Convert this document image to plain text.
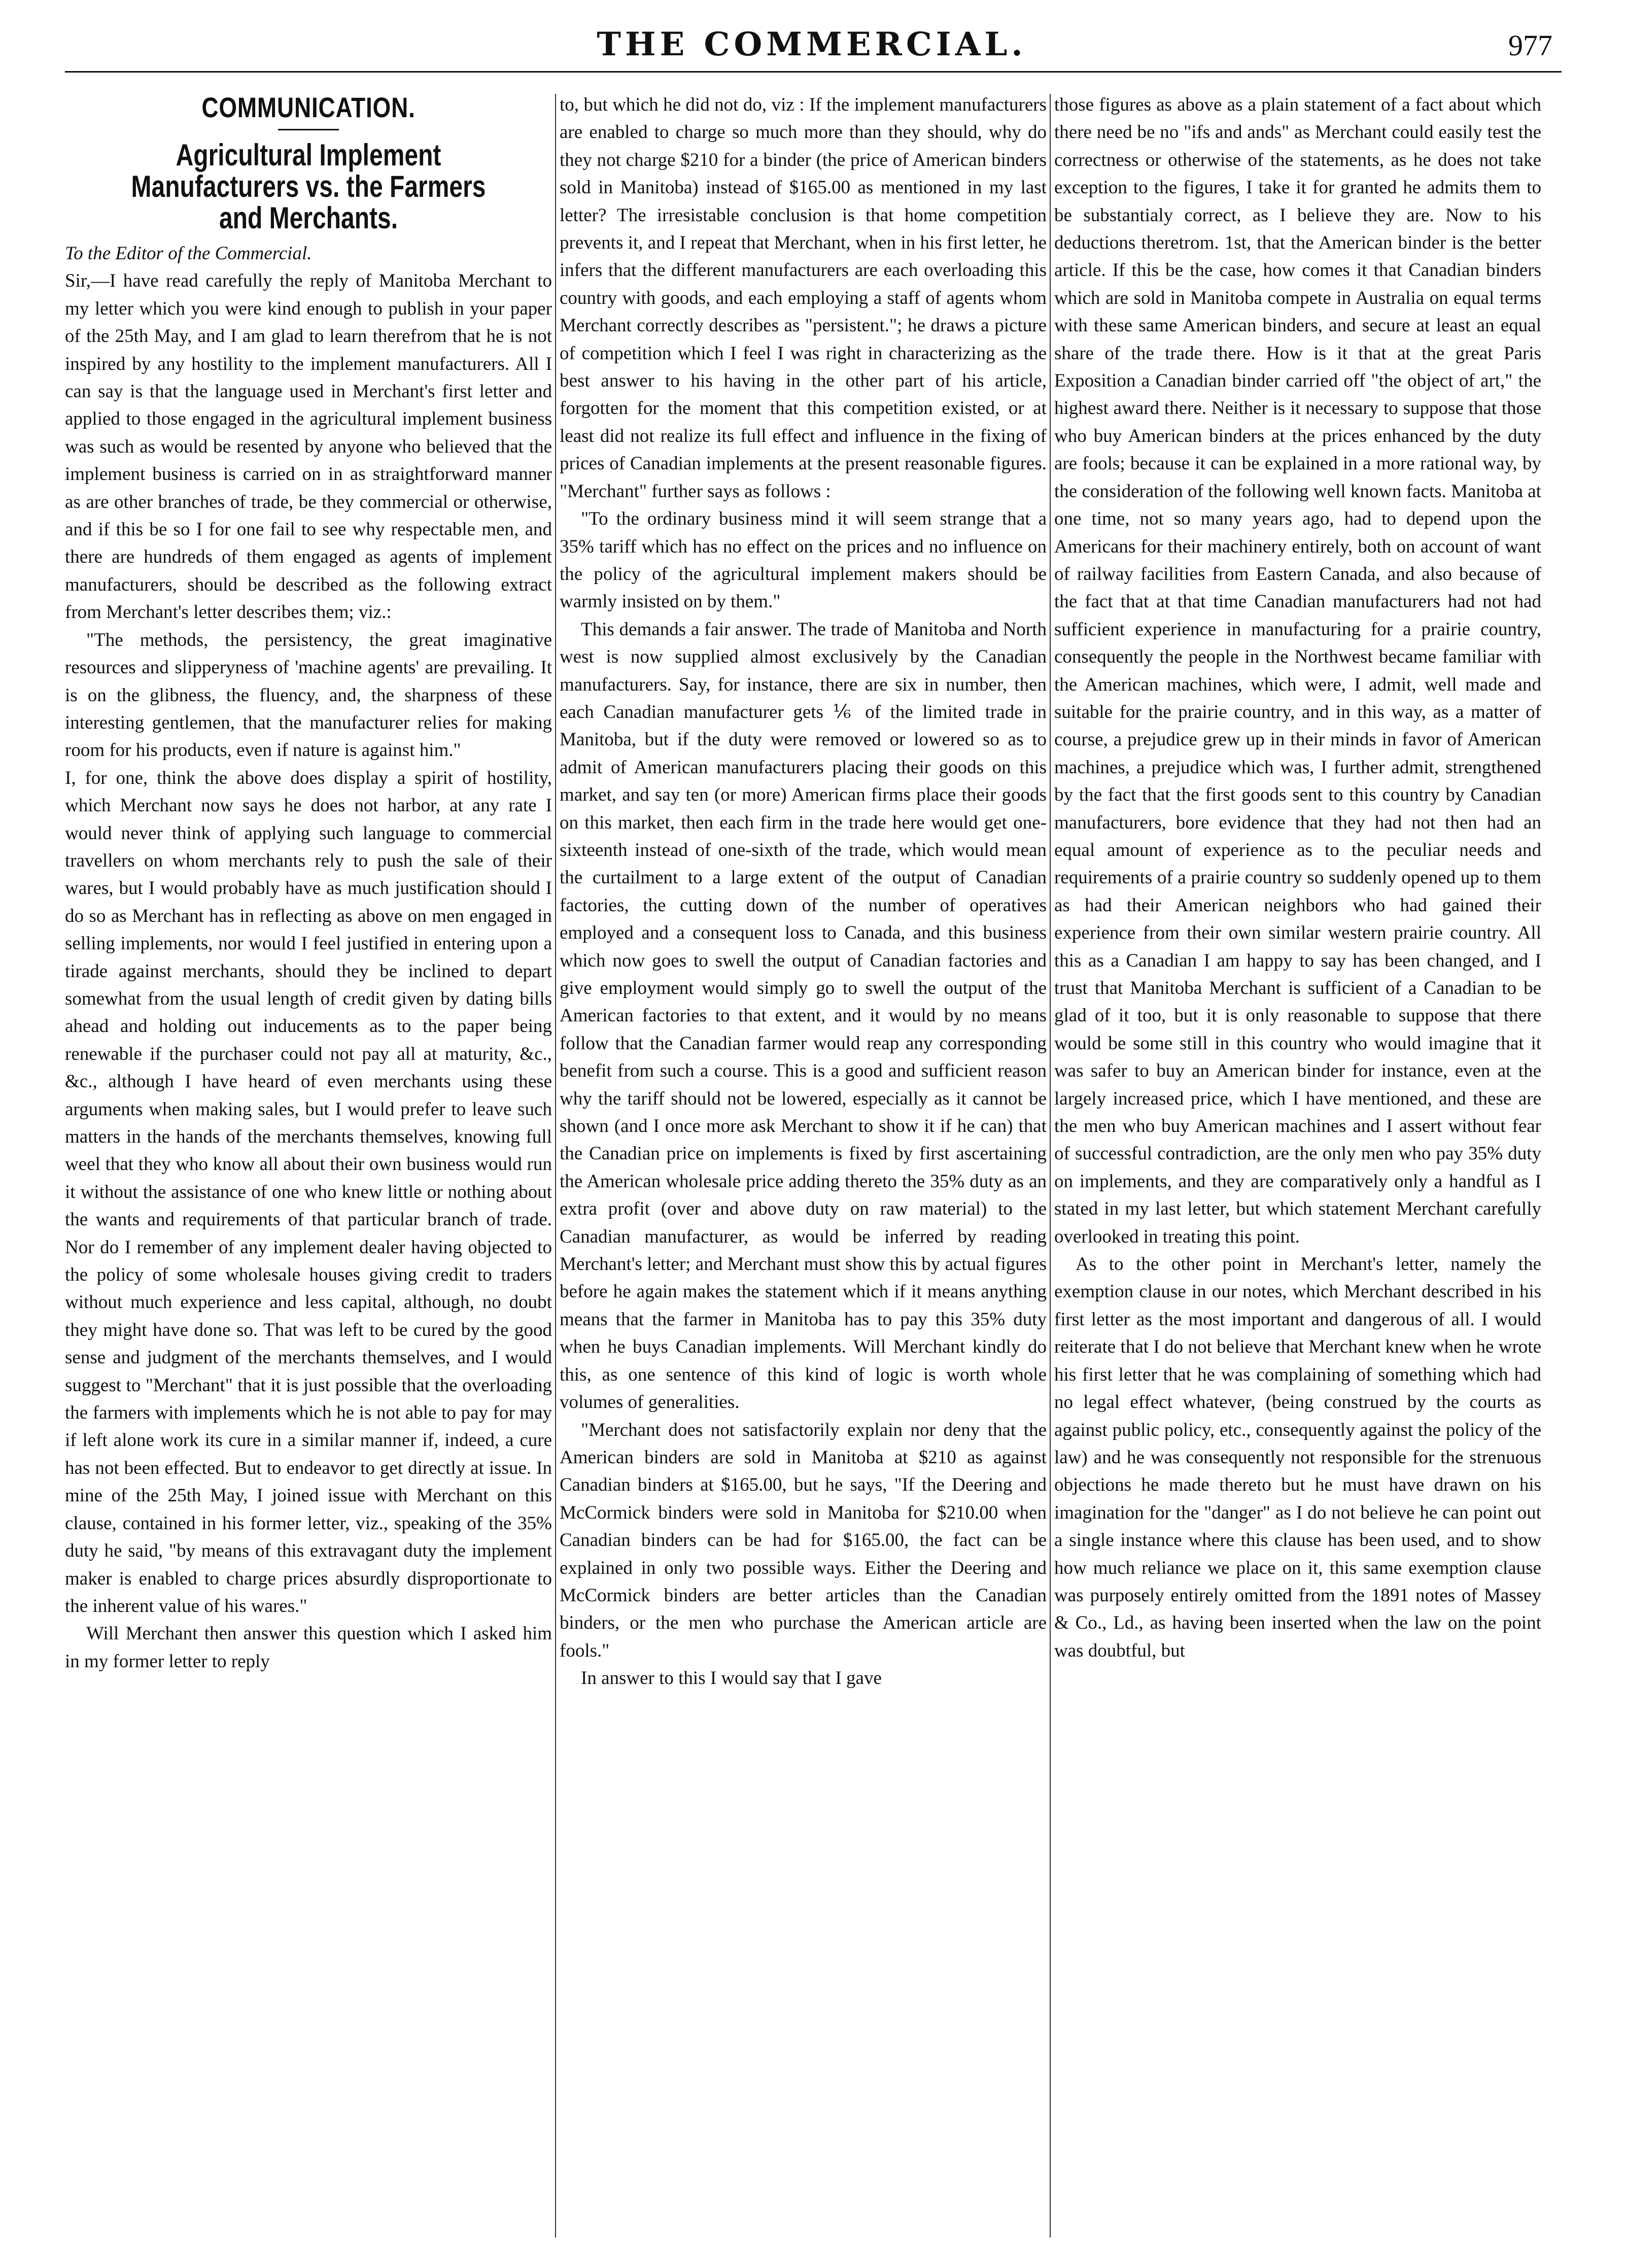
THE COMMERCIAL.	977
COMMUNICATION.
Agricultural Implement Manufacturers vs. the Farmers and Merchants.

To the Editor of the Commercial.

Sir,—I have read carefully the reply of Manitoba Merchant to my letter which you were kind enough to publish in your paper of the 25th May, and I am glad to learn therefrom that he is not inspired by any hostility to the implement manufacturers. All I can say is that the language used in Merchant's first letter and applied to those engaged in the agricultural implement business was such as would be resented by anyone who believed that the implement business is carried on in as straightforward manner as are other branches of trade, be they commercial or otherwise, and if this be so I for one fail to see why respectable men, and there are hundreds of them engaged as agents of implement manufacturers, should be described as the following extract from Merchant's letter describes them; viz.:

"The methods, the persistency, the great imaginative resources and slipperyness of 'machine agents' are prevailing. It is on the glibness, the fluency, and, the sharpness of these interesting gentlemen, that the manufacturer relies for making room for his products, even if nature is against him."

I, for one, think the above does display a spirit of hostility, which Merchant now says he does not harbor, at any rate I would never think of applying such language to commercial travellers on whom merchants rely to push the sale of their wares, but I would probably have as much justification should I do so as Merchant has in reflecting as above on men engaged in selling implements, nor would I feel justified in entering upon a tirade against merchants, should they be inclined to depart somewhat from the usual length of credit given by dating bills ahead and holding out inducements as to the paper being renewable if the purchaser could not pay all at maturity, &c., &c., although I have heard of even merchants using these arguments when making sales, but I would prefer to leave such matters in the hands of the merchants themselves, knowing full weel that they who know all about their own business would run it without the assistance of one who knew little or nothing about the wants and requirements of that particular branch of trade. Nor do I remember of any implement dealer having objected to the policy of some wholesale houses giving credit to traders without much experience and less capital, although, no doubt they might have done so. That was left to be cured by the good sense and judgment of the merchants themselves, and I would suggest to "Merchant" that it is just possible that the overloading the farmers with implements which he is not able to pay for may if left alone work its cure in a similar manner if, indeed, a cure has not been effected. But to endeavor to get directly at issue. In mine of the 25th May, I joined issue with Merchant on this clause, contained in his former letter, viz., speaking of the 35% duty he said, "by means of this extravagant duty the implement maker is enabled to charge prices absurdly disproportionate to the inherent value of his wares."

Will Merchant then answer this question which I asked him in my former letter to reply

to, but which he did not do, viz : If the implement manufacturers are enabled to charge so much more than they should, why do they not charge $210 for a binder (the price of American binders sold in Manitoba) instead of $165.00 as mentioned in my last letter? The irresistable conclusion is that home competition prevents it, and I repeat that Merchant, when in his first letter, he infers that the different manufacturers are each overloading this country with goods, and each employing a staff of agents whom Merchant correctly describes as "persistent."; he draws a picture of competition which I feel I was right in characterizing as the best answer to his having in the other part of his article, forgotten for the moment that this competition existed, or at least did not realize its full effect and influence in the fixing of prices of Canadian implements at the present reasonable figures. "Merchant" further says as follows :

"To the ordinary business mind it will seem strange that a 35% tariff which has no effect on the prices and no influence on the policy of the agricultural implement makers should be warmly insisted on by them."

This demands a fair answer. The trade of Manitoba and North west is now supplied almost exclusively by the Canadian manufacturers. Say, for instance, there are six in number, then each Canadian manufacturer gets ⅙ of the limited trade in Manitoba, but if the duty were removed or lowered so as to admit of American manufacturers placing their goods on this market, and say ten (or more) American firms place their goods on this market, then each firm in the trade here would get one-sixteenth instead of one-sixth of the trade, which would mean the curtailment to a large extent of the output of Canadian factories, the cutting down of the number of operatives employed and a consequent loss to Canada, and this business which now goes to swell the output of Canadian factories and give employment would simply go to swell the output of the American factories to that extent, and it would by no means follow that the Canadian farmer would reap any corresponding benefit from such a course. This is a good and sufficient reason why the tariff should not be lowered, especially as it cannot be shown (and I once more ask Merchant to show it if he can) that the Canadian price on implements is fixed by first ascertaining the American wholesale price adding thereto the 35% duty as an extra profit (over and above duty on raw material) to the Canadian manufacturer, as would be inferred by reading Merchant's letter; and Merchant must show this by actual figures before he again makes the statement which if it means anything means that the farmer in Manitoba has to pay this 35% duty when he buys Canadian implements. Will Merchant kindly do this, as one sentence of this kind of logic is worth whole volumes of generalities.

"Merchant does not satisfactorily explain nor deny that the American binders are sold in Manitoba at $210 as against Canadian binders at $165.00, but he says, "If the Deering and McCormick binders were sold in Manitoba for $210.00 when Canadian binders can be had for $165.00, the fact can be explained in only two possible ways. Either the Deering and McCormick binders are better articles than the Canadian binders, or the men who purchase the American article are fools."

In answer to this I would say that I gave

those figures as above as a plain statement of a fact about which there need be no "ifs and ands" as Merchant could easily test the correctness or otherwise of the statements, as he does not take exception to the figures, I take it for granted he admits them to be substantialy correct, as I believe they are. Now to his deductions theretrom. 1st, that the American binder is the better article. If this be the case, how comes it that Canadian binders which are sold in Manitoba compete in Australia on equal terms with these same American binders, and secure at least an equal share of the trade there. How is it that at the great Paris Exposition a Canadian binder carried off "the object of art," the highest award there. Neither is it necessary to suppose that those who buy American binders at the prices enhanced by the duty are fools; because it can be explained in a more rational way, by the consideration of the following well known facts. Manitoba at one time, not so many years ago, had to depend upon the Americans for their machinery entirely, both on account of want of railway facilities from Eastern Canada, and also because of the fact that at that time Canadian manufacturers had not had sufficient experience in manufacturing for a prairie country, consequently the people in the Northwest became familiar with the American machines, which were, I admit, well made and suitable for the prairie country, and in this way, as a matter of course, a prejudice grew up in their minds in favor of American machines, a prejudice which was, I further admit, strengthened by the fact that the first goods sent to this country by Canadian manufacturers, bore evidence that they had not then had an equal amount of experience as to the peculiar needs and requirements of a prairie country so suddenly opened up to them as had their American neighbors who had gained their experience from their own similar western prairie country. All this as a Canadian I am happy to say has been changed, and I trust that Manitoba Merchant is sufficient of a Canadian to be glad of it too, but it is only reasonable to suppose that there would be some still in this country who would imagine that it was safer to buy an American binder for instance, even at the largely increased price, which I have mentioned, and these are the men who buy American machines and I assert without fear of successful contradiction, are the only men who pay 35% duty on implements, and they are comparatively only a handful as I stated in my last letter, but which statement Merchant carefully overlooked in treating this point.

As to the other point in Merchant's letter, namely the exemption clause in our notes, which Merchant described in his first letter as the most important and dangerous of all. I would reiterate that I do not believe that Merchant knew when he wrote his first letter that he was complaining of something which had no legal effect whatever, (being construed by the courts as against public policy, etc., consequently against the policy of the law) and he was consequently not responsible for the strenuous objections he made thereto but he must have drawn on his imagination for the "danger" as I do not believe he can point out a single instance where this clause has been used, and to show how much reliance we place on it, this same exemption clause was purposely entirely omitted from the 1891 notes of Massey & Co., Ld., as having been inserted when the law on the point was doubtful, but
